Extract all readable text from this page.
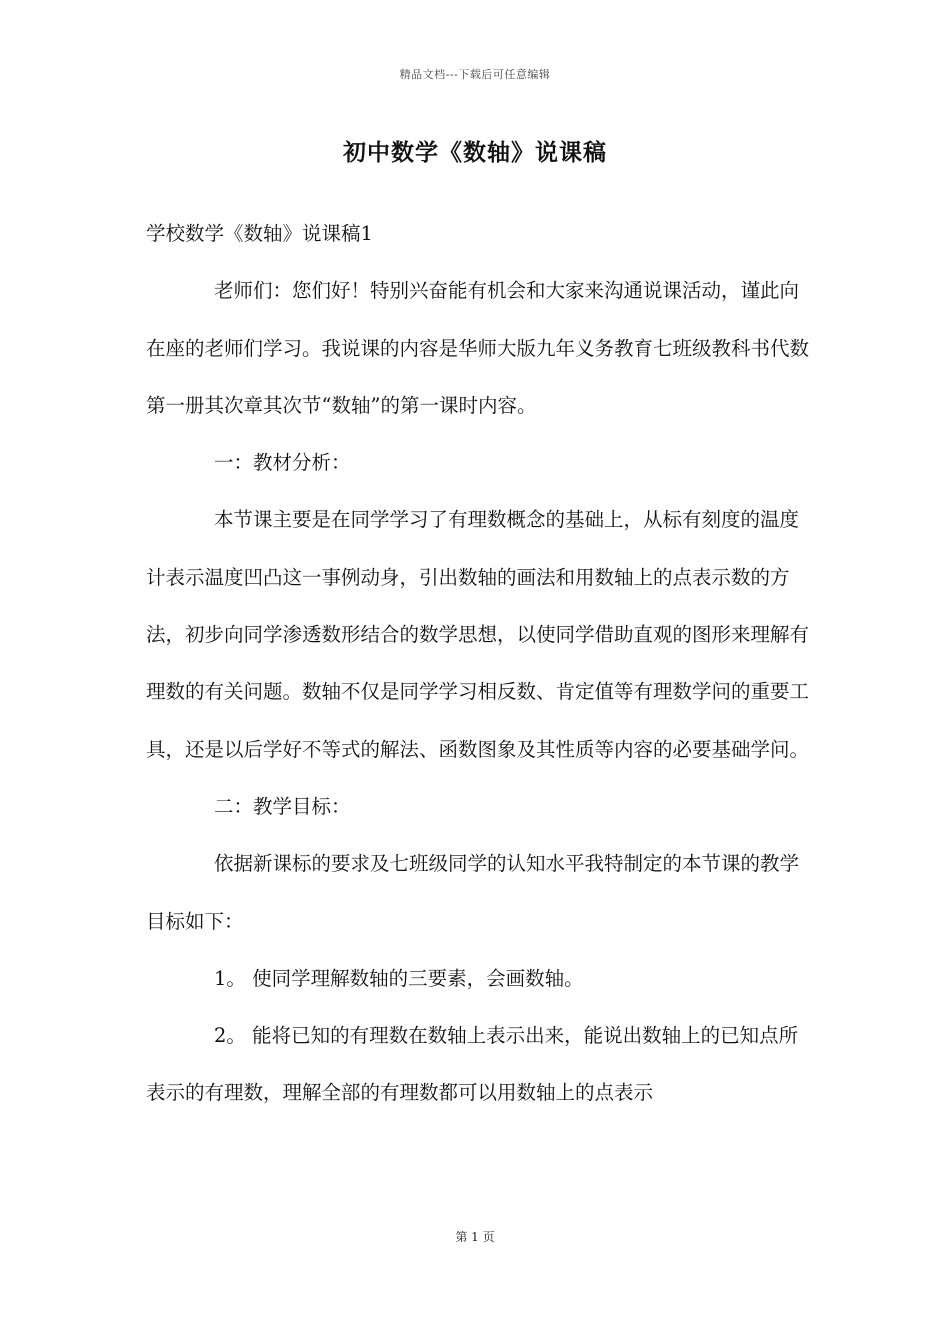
精品文档---下载后可任意编辑
初中数学《数轴》说课稿

学校数学《数轴》说课稿1

老师们：您们好！特别兴奋能有机会和大家来沟通说课活动，谨此向在座的老师们学习。我说课的内容是华师大版九年义务教育七班级教科书代数第一册其次章其次节“数轴”的第一课时内容。

一：教材分析：

本节课主要是在同学学习了有理数概念的基础上，从标有刻度的温度计表示温度凹凸这一事例动身，引出数轴的画法和用数轴上的点表示数的方法，初步向同学渗透数形结合的数学思想，以使同学借助直观的图形来理解有理数的有关问题。数轴不仅是同学学习相反数、肯定值等有理数学问的重要工具，还是以后学好不等式的解法、函数图象及其性质等内容的必要基础学问。

二：教学目标：

依据新课标的要求及七班级同学的认知水平我特制定的本节课的教学目标如下：

1。 使同学理解数轴的三要素，会画数轴。

2。 能将已知的有理数在数轴上表示出来，能说出数轴上的已知点所表示的有理数，理解全部的有理数都可以用数轴上的点表示

第 1 页
